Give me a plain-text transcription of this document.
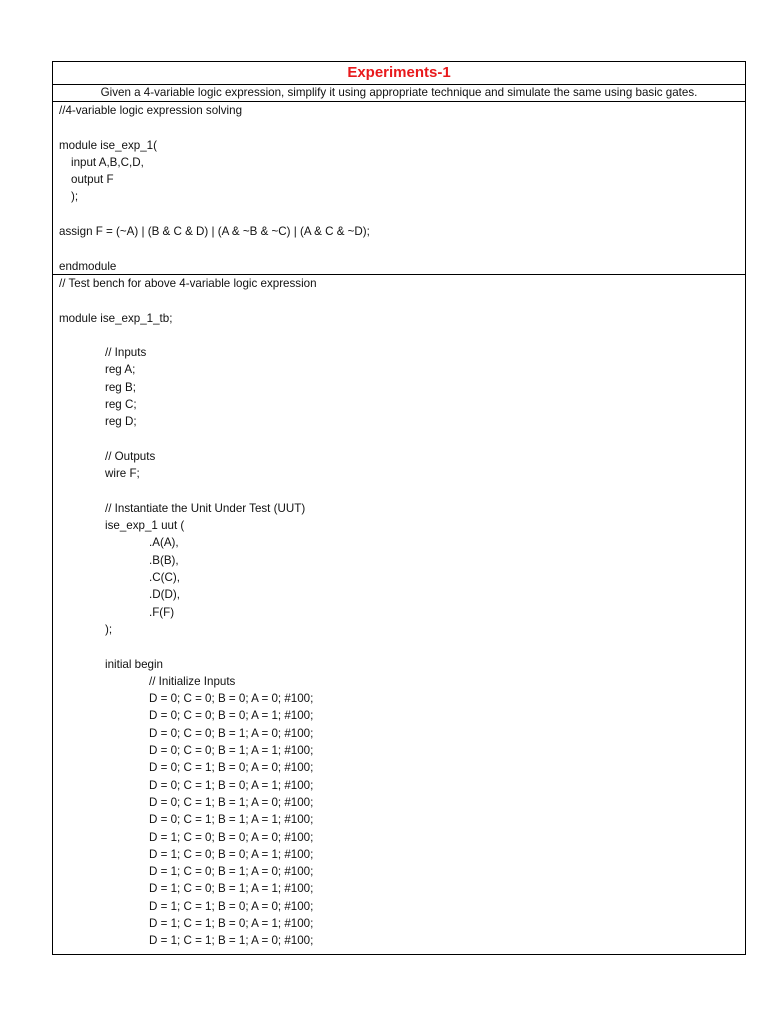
Experiments-1
Given a 4-variable logic expression, simplify it using appropriate technique and simulate the same using basic gates.
//4-variable logic expression solving
module ise_exp_1(
input A,B,C,D,
output F
);
assign F = (~A) | (B & C & D) | (A & ~B & ~C) | (A & C & ~D);
endmodule
// Test bench for above 4-variable logic expression
module ise_exp_1_tb;
// Inputs
reg A;
reg B;
reg C;
reg D;
// Outputs
wire F;
// Instantiate the Unit Under Test (UUT)
ise_exp_1 uut (
.A(A),
.B(B),
.C(C),
.D(D),
.F(F)
);
initial begin
// Initialize Inputs
D = 0; C = 0; B = 0; A = 0; #100;
D = 0; C = 0; B = 0; A = 1; #100;
D = 0; C = 0; B = 1; A = 0; #100;
D = 0; C = 0; B = 1; A = 1; #100;
D = 0; C = 1; B = 0; A = 0; #100;
D = 0; C = 1; B = 0; A = 1; #100;
D = 0; C = 1; B = 1; A = 0; #100;
D = 0; C = 1; B = 1; A = 1; #100;
D = 1; C = 0; B = 0; A = 0; #100;
D = 1; C = 0; B = 0; A = 1; #100;
D = 1; C = 0; B = 1; A = 0; #100;
D = 1; C = 0; B = 1; A = 1; #100;
D = 1; C = 1; B = 0; A = 0; #100;
D = 1; C = 1; B = 0; A = 1; #100;
D = 1; C = 1; B = 1; A = 0; #100;
